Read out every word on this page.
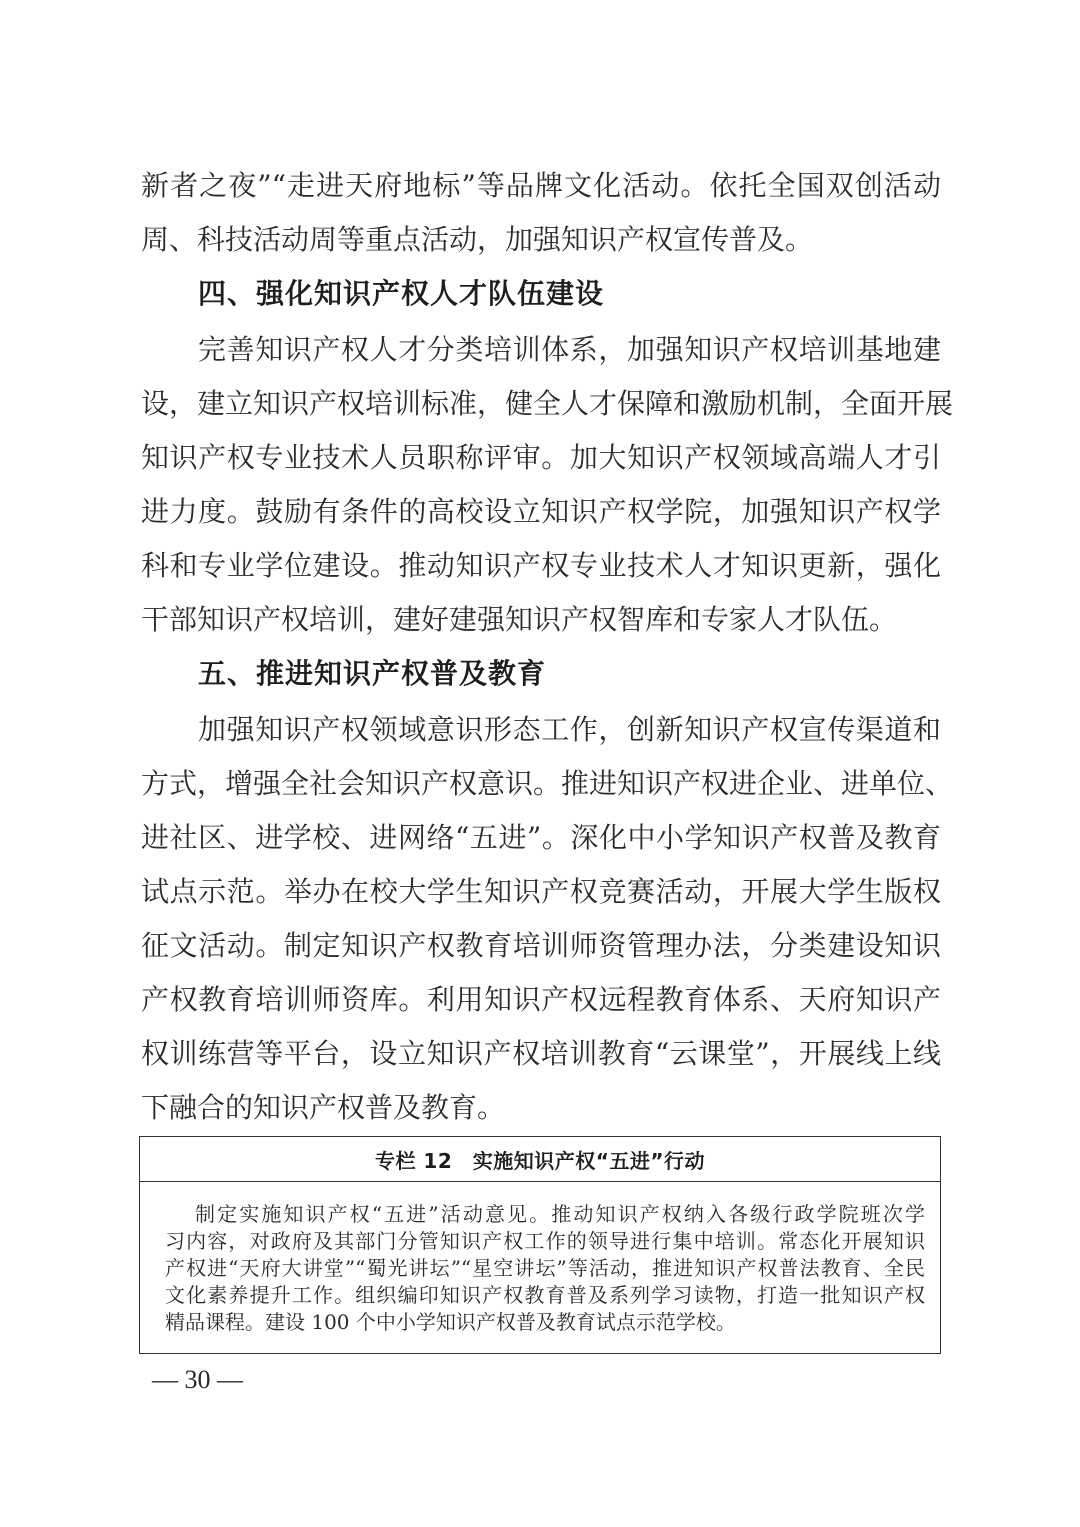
新者之夜”“走进天府地标”等品牌文化活动。依托全国双创活动
周、科技活动周等重点活动，加强知识产权宣传普及。
四、强化知识产权人才队伍建设
完善知识产权人才分类培训体系，加强知识产权培训基地建
设，建立知识产权培训标准，健全人才保障和激励机制，全面开展
知识产权专业技术人员职称评审。加大知识产权领域高端人才引
进力度。鼓励有条件的高校设立知识产权学院，加强知识产权学
科和专业学位建设。推动知识产权专业技术人才知识更新，强化
干部知识产权培训，建好建强知识产权智库和专家人才队伍。
五、推进知识产权普及教育
加强知识产权领域意识形态工作，创新知识产权宣传渠道和
方式，增强全社会知识产权意识。推进知识产权进企业、进单位、
进社区、进学校、进网络“五进”。深化中小学知识产权普及教育
试点示范。举办在校大学生知识产权竞赛活动，开展大学生版权
征文活动。制定知识产权教育培训师资管理办法，分类建设知识
产权教育培训师资库。利用知识产权远程教育体系、天府知识产
权训练营等平台，设立知识产权培训教育“云课堂”，开展线上线
下融合的知识产权普及教育。
专栏 12　实施知识产权“五进”行动
制定实施知识产权“五进”活动意见。推动知识产权纳入各级行政学院班次学
习内容，对政府及其部门分管知识产权工作的领导进行集中培训。常态化开展知识
产权进“天府大讲堂”“蜀光讲坛”“星空讲坛”等活动，推进知识产权普法教育、全民
文化素养提升工作。组织编印知识产权教育普及系列学习读物，打造一批知识产权
精品课程。建设 100 个中小学知识产权普及教育试点示范学校。
— 30 —
